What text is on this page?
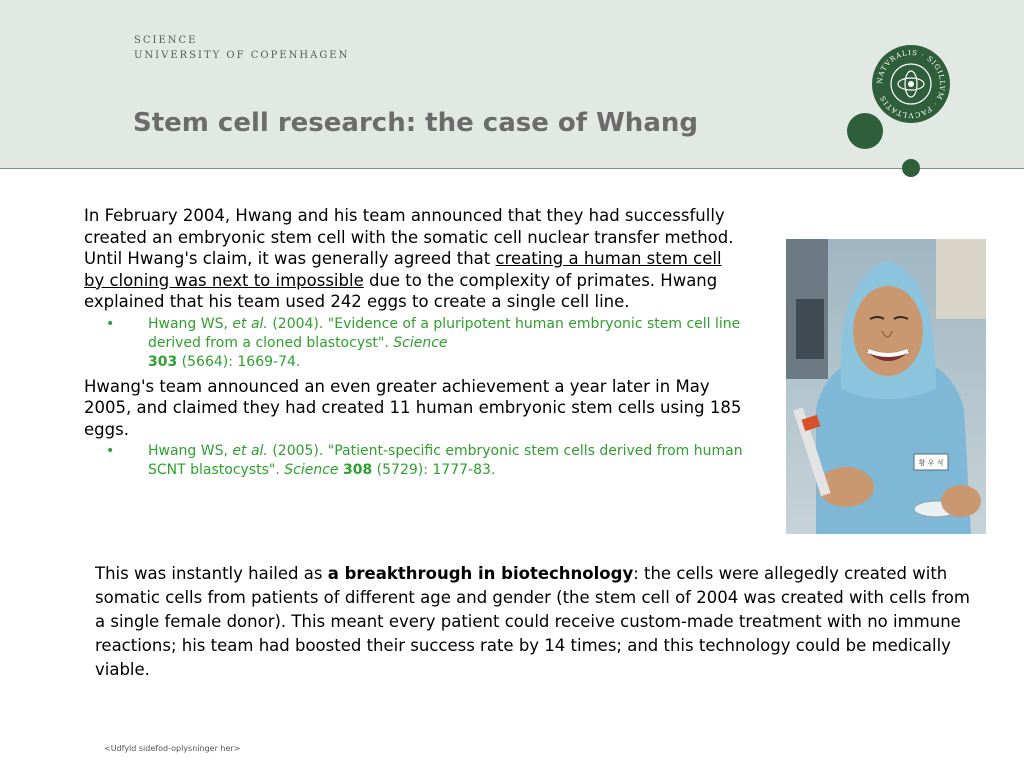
SCIENCE
UNIVERSITY OF COPENHAGEN
Stem cell research: the case of Whang
NATVRALIS · SIGILLVM · FACVLTATIS

In February 2004, Hwang and his team announced that they had successfully created an embryonic stem cell with the somatic cell nuclear transfer method. Until Hwang's claim, it was generally agreed that creating a human stem cell by cloning was next to impossible due to the complexity of primates. Hwang explained that his team used 242 eggs to create a single cell line.

• Hwang WS, et al. (2004). "Evidence of a pluripotent human embryonic stem cell line derived from a cloned blastocyst". Science
303 (5664): 1669-74.

Hwang's team announced an even greater achievement a year later in May 2005, and claimed they had created 11 human embryonic stem cells using 185 eggs.

• Hwang WS, et al. (2005). "Patient-specific embryonic stem cells derived from human SCNT blastocysts". Science 308 (5729): 1777-83.	황 우 석

This was instantly hailed as a breakthrough in biotechnology: the cells were allegedly created with somatic cells from patients of different age and gender (the stem cell of 2004 was created with cells from a single female donor). This meant every patient could receive custom-made treatment with no immune reactions; his team had boosted their success rate by 14 times; and this technology could be medically viable.

<Udfyld sidefod-oplysninger her>
